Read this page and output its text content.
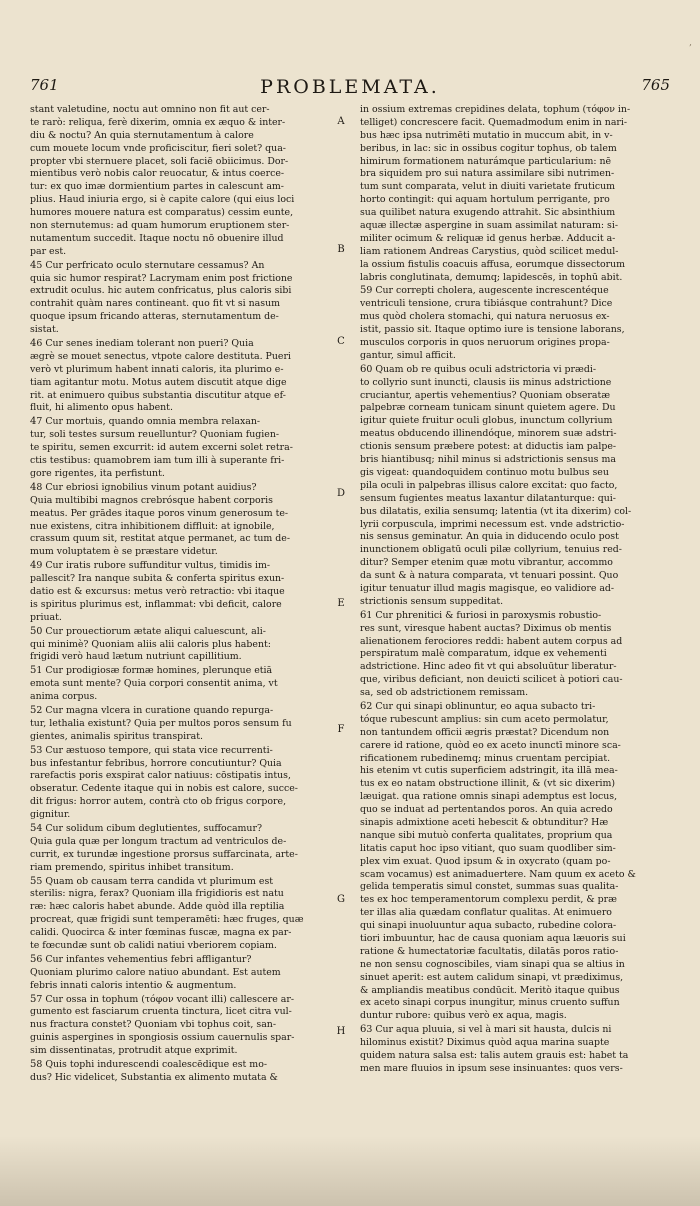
,
761	PROBLEMATA.	765
stant valetudine, noctu aut omnino non fit aut cer-
te rarò: reliqua, ferè dixerim, omnia ex æquo & inter-
diu & noctu? An quia sternutamentum à calore
cum mouete locum vnde proficiscitur, fieri solet? qua-
propter vbi sternuere placet, soli faciē obiicimus. Dor-
mientibus verò nobis calor reuocatur, & intus coerce-
tur: ex quo imæ dormientium partes in calescunt am-
plius. Haud iniuria ergo, si è capite calore (qui eius loci
humores mouere natura est comparatus) cessim eunte,
non sternutemus: ad quam humorum eruptionem ster-
nutamentum succedit. Itaque noctu nō obuenire illud
par est.
45 Cur perfricato oculo sternutare cessamus? An
quia sic humor respirat? Lacrymam enim post frictione
extrudit oculus. hic autem confricatus, plus caloris sibi
contrahit quàm nares contineant. quo fit vt si nasum
quoque ipsum fricando atteras, sternutamentum de-
sistat.
46 Cur senes inediam tolerant non pueri? Quia
ægrè se mouet senectus, vtpote calore destituta. Pueri
verò vt plurimum habent innati caloris, ita plurimo e-
tiam agitantur motu. Motus autem discutit atque dige
rit. at enimuero quibus substantia discutitur atque ef-
fluit, hi alimento opus habent.
47 Cur mortuis, quando omnia membra relaxan-
tur, soli testes sursum reuelluntur? Quoniam fugien-
te spiritu, semen excurrit: id autem excerni solet retra-
ctis testibus: quamobrem iam tum illi à superante fri-
gore rigentes, ita perfistunt.
48 Cur ebriosi ignobilius vinum potant auidius?
Quia multibibi magnos crebrósque habent corporis
meatus. Per grādes itaque poros vinum generosum te-
nue existens, citra inhibitionem diffluit: at ignobile,
crassum quum sit, restitat atque permanet, ac tum de-
mum voluptatem è se præstare videtur.
49 Cur iratis rubore suffunditur vultus, timidis im-
pallescit? Ira nanque subita & conferta spiritus exun-
datio est & excursus: metus verò retractio: vbi itaque
is spiritus plurimus est, inflammat: vbi deficit, calore
priuat.
50 Cur prouectiorum ætate aliqui caluescunt, ali-
qui minimè? Quoniam aliis alii caloris plus habent:
frigidi verò haud lætum nutriunt capillitium.
51 Cur prodigiosæ formæ homines, plerunque etiā
emota sunt mente? Quia corpori consentit anima, vt
anima corpus.
52 Cur magna vlcera in curatione quando repurga-
tur, lethalia existunt? Quia per multos poros sensum fu
gientes, animalis spiritus transpirat.
53 Cur æstuoso tempore, qui stata vice recurrenti-
bus infestantur febribus, horrore concutiuntur? Quia
rarefactis poris exspirat calor natiuus: cōstipatis intus,
obseratur. Cedente itaque qui in nobis est calore, succe-
dit frigus: horror autem, contrà cto ob frigus corpore,
gignitur.
54 Cur solidum cibum deglutientes, suffocamur?
Quia gula quæ per longum tractum ad ventriculos de-
currit, ex turundæ ingestione prorsus suffarcinata, arte-
riam premendo, spiritus inhibet transitum.
55 Quam ob causam terra candida vt plurimum est
sterilis: nigra, ferax? Quoniam illa frigidioris est natu
ræ: hæc caloris habet abunde. Adde quòd illa reptilia
procreat, quæ frigidi sunt temperamēti: hæc fruges, quæ
calidi. Quocirca & inter fœminas fuscæ, magna ex par-
te fœcundæ sunt ob calidi natiui vberiorem copiam.
56 Cur infantes vehementius febri affligantur?
Quoniam plurimo calore natiuo abundant. Est autem
febris innati caloris intentio & augmentum.
57 Cur ossa in tophum (τόφον vocant illi) callescere ar-
gumento est fasciarum cruenta tinctura, licet citra vul-
nus fractura constet? Quoniam vbi tophus coit, san-
guinis aspergines in spongiosis ossium cauernulis spar-
sim dissentinatas, protrudit atque exprimit.
58 Quis tophi indurescendi coalescēdique est mo-
dus? Hic videlicet, Substantia ex alimento mutata &
A
B
C
D
E
F
G
H
in ossium extremas crepidines delata, tophum (τόφον in-
telliget) concrescere facit. Quemadmodum enim in nari-
bus hæc ipsa nutrimēti mutatio in muccum abit, in v-
beribus, in lac: sic in ossibus cogitur tophus, ob talem
himirum formationem naturámque particularium: nē
bra siquidem pro sui natura assimilare sibi nutrimen-
tum sunt comparata, velut in diuiti varietate fruticum
horto contingit: qui aquam hortulum perrigante, pro
sua quilibet natura exugendo attrahit. Sic absinthium
aquæ illectæ aspergine in suam assimilat naturam: si-
militer ocimum & reliquæ id genus herbæ. Adducit a-
liam rationem Andreas Carystius, quòd scilicet medul-
la ossium fistulis coacuis affusa, eorumque dissectorum
labris conglutinata, demumq; lapidescēs, in tophū abit.
59 Cur correpti cholera, augescente increscentéque
ventriculi tensione, crura tibiásque contrahunt? Dice
mus quòd cholera stomachi, qui natura neruosus ex-
istit, passio sit. Itaque optimo iure is tensione laborans,
musculos corporis in quos neruorum origines propa-
gantur, simul afficit.
60 Quam ob re quibus oculi adstrictoria vi prædi-
to collyrio sunt inuncti, clausis iis minus adstrictione
cruciantur, apertis vehementius? Quoniam obseratæ
palpebræ corneam tunicam sinunt quietem agere. Du
igitur quiete fruitur oculi globus, inunctum collyrium
meatus obducendo illinendóque, minorem suæ adstri-
ctionis sensum præbere potest: at diductis iam palpe-
bris hiantibusq; nihil minus si adstrictionis sensus ma
gis vigeat: quandoquidem continuo motu bulbus seu
pila oculi in palpebras illisus calore excitat: quo facto,
sensum fugientes meatus laxantur dilatanturque: qui-
bus dilatatis, exilia sensumq; latentia (vt ita dixerim) col-
lyrii corpuscula, imprimi necessum est. vnde adstrictio-
nis sensus geminatur. An quia in diducendo oculo post
inunctionem obligatū oculi pilæ collyrium, tenuius red-
ditur? Semper etenim quæ motu vibrantur, accommo
da sunt & à natura comparata, vt tenuari possint. Quo
igitur tenuatur illud magis magisque, eo validiore ad-
strictionis sensum suppeditat.
61 Cur phrenitici & furiosi in paroxysmis robustio-
res sunt, viresque habent auctas? Diximus ob mentis
alienationem ferociores reddi: habent autem corpus ad
perspiratum malè comparatum, idque ex vehementi
adstrictione. Hinc adeo fit vt qui absoluūtur liberatur-
que, viribus deficiant, non deuicti scilicet à potiori cau-
sa, sed ob adstrictionem remissam.
62 Cur qui sinapi oblinuntur, eo aqua subacto tri-
tóque rubescunt amplius: sin cum aceto permolatur,
non tantundem officii ægris præstat? Dicendum non
carere id ratione, quòd eo ex aceto inunctī minore sca-
rificationem rubedinemq; minus cruentam percipiat.
his etenim vt cutis superficiem adstringit, ita illā mea-
tus ex eo natam obstructione illinit, & (vt sic dixerim)
læuigat. qua ratione omnis sinapi ademptus est locus,
quo se induat ad pertentandos poros. An quia acredo
sinapis admixtione aceti hebescit & obtunditur? Hæ
nanque sibi mutuò conferta qualitates, proprium qua
litatis caput hoc ipso vitiant, quo suam quodliber sim-
plex vim exuat. Quod ipsum & in oxycrato (quam po-
scam vocamus) est animaduertere. Nam quum ex aceto &
gelida temperatis simul constet, summas suas qualita-
tes ex hoc temperamentorum complexu perdit, & præ
ter illas alia quædam conflatur qualitas. At enimuero
qui sinapi inuoluuntur aqua subacto, rubedine colora-
tiori imbuuntur, hac de causa quoniam aqua læuoris sui
ratione & humectatoriæ facultatis, dilatās poros ratio-
ne non sensu cognoscibiles, viam sinapi qua se altius in
sinuet aperit: est autem calidum sinapi, vt prædiximus,
& ampliandis meatibus condūcit. Meritò itaque quibus
ex aceto sinapi corpus inungitur, minus cruento suffun
duntur rubore: quibus verò ex aqua, magis.
63 Cur aqua pluuia, si vel à mari sit hausta, dulcis ni
hilominus existit? Diximus quòd aqua marina suapte
quidem natura salsa est: talis autem grauis est: habet ta
men mare fluuios in ipsum sese insinuantes: quos vers-
